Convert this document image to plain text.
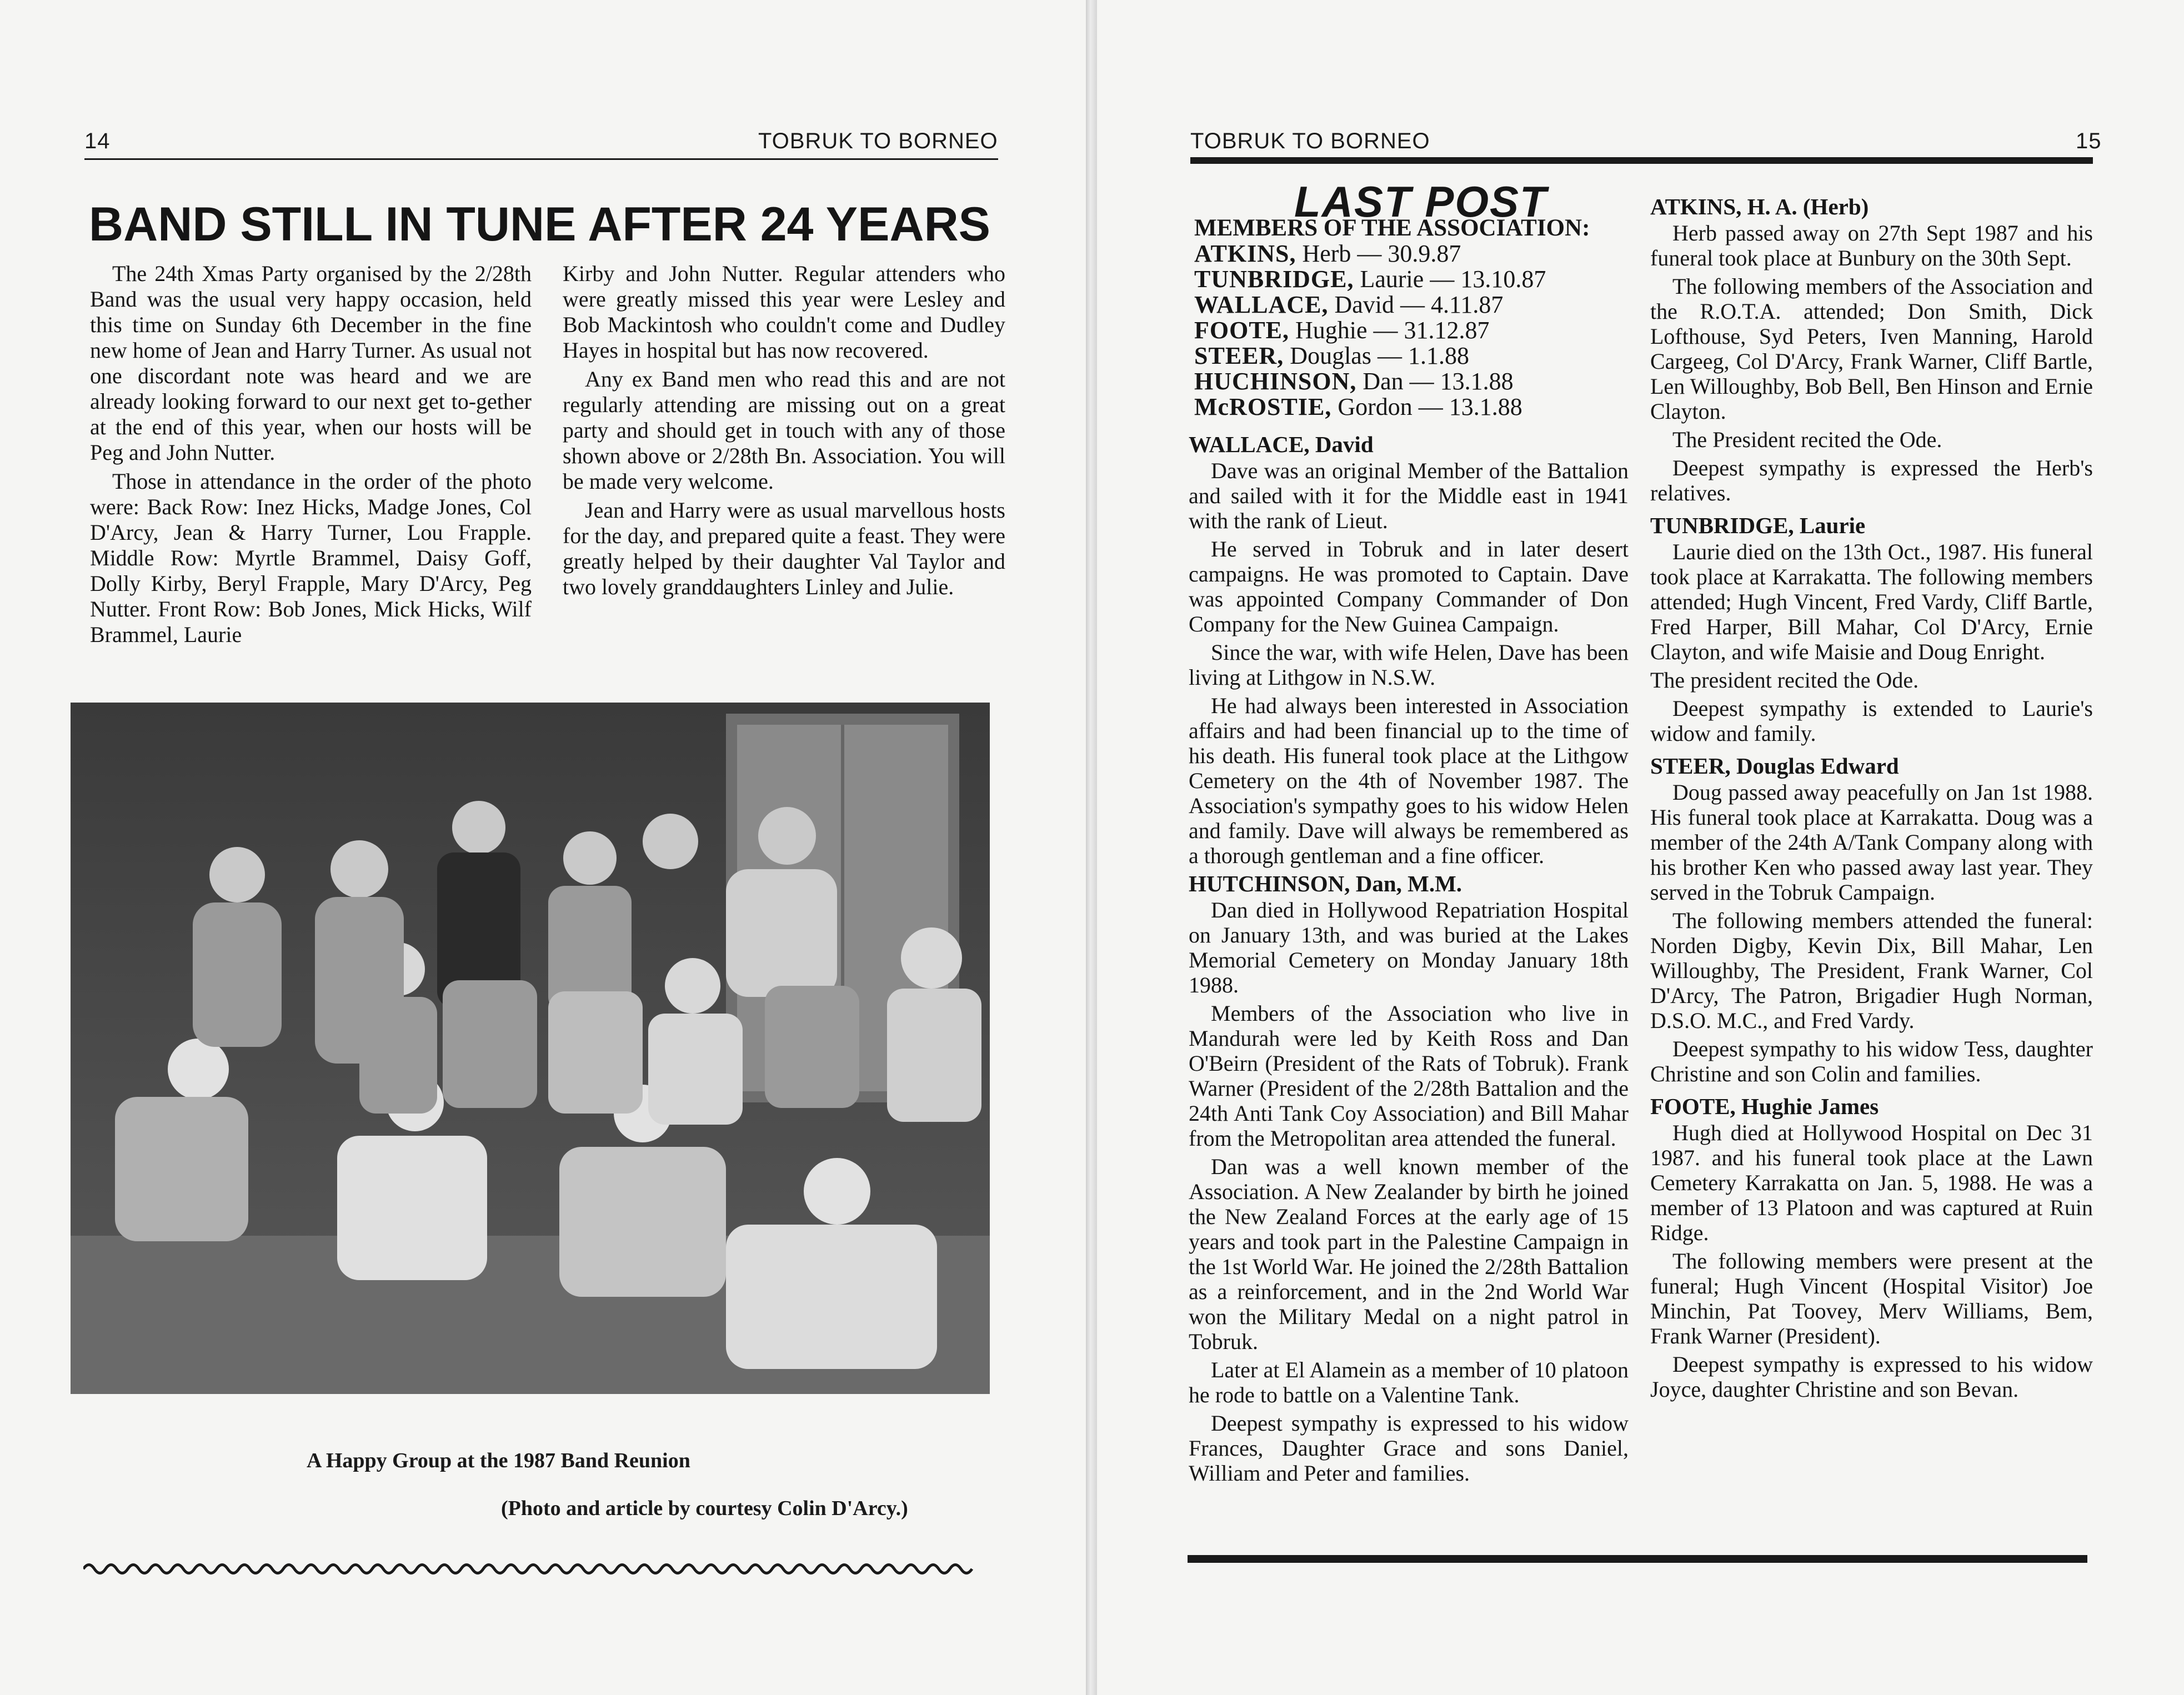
14	TOBRUK TO BORNEO
BAND STILL IN TUNE AFTER 24 YEARS

The 24th Xmas Party organised by the 2/28th Band was the usual very happy occasion, held this time on Sunday 6th December in the fine new home of Jean and Harry Turner. As usual not one discordant note was heard and we are already looking forward to our next get to-gether at the end of this year, when our hosts will be Peg and John Nutter.

Those in attendance in the order of the photo were: Back Row: Inez Hicks, Madge Jones, Col D'Arcy, Jean & Harry Turner, Lou Frapple. Middle Row: Myrtle Brammel, Daisy Goff, Dolly Kirby, Beryl Frapple, Mary D'Arcy, Peg Nutter. Front Row: Bob Jones, Mick Hicks, Wilf Brammel, Laurie

Kirby and John Nutter. Regular attenders who were greatly missed this year were Lesley and Bob Mackintosh who couldn't come and Dudley Hayes in hospital but has now recovered.

Any ex Band men who read this and are not regularly attending are missing out on a great party and should get in touch with any of those shown above or 2/28th Bn. Association. You will be made very welcome.

Jean and Harry were as usual marvellous hosts for the day, and prepared quite a feast. They were greatly helped by their daughter Val Taylor and two lovely granddaughters Linley and Julie.

A Happy Group at the 1987 Band Reunion
(Photo and article by courtesy Colin D'Arcy.)
TOBRUK TO BORNEO	15
LAST POST
MEMBERS OF THE ASSOCIATION:
ATKINS, Herb — 30.9.87
TUNBRIDGE, Laurie — 13.10.87
WALLACE, David — 4.11.87
FOOTE, Hughie — 31.12.87
STEER, Douglas — 1.1.88
HUCHINSON, Dan — 13.1.88
McROSTIE, Gordon — 13.1.88
WALLACE, David

Dave was an original Member of the Battalion and sailed with it for the Middle east in 1941 with the rank of Lieut.

He served in Tobruk and in later desert campaigns. He was promoted to Captain. Dave was appointed Company Commander of Don Company for the New Guinea Campaign.

Since the war, with wife Helen, Dave has been living at Lithgow in N.S.W.

He had always been interested in Association affairs and had been financial up to the time of his death. His funeral took place at the Lithgow Cemetery on the 4th of November 1987. The Association's sympathy goes to his widow Helen and family. Dave will always be remembered as a thorough gentleman and a fine officer.

HUTCHINSON, Dan, M.M.

Dan died in Hollywood Repatriation Hospital on January 13th, and was buried at the Lakes Memorial Cemetery on Monday January 18th 1988.

Members of the Association who live in Mandurah were led by Keith Ross and Dan O'Beirn (President of the Rats of Tobruk). Frank Warner (President of the 2/28th Battalion and the 24th Anti Tank Coy Association) and Bill Mahar from the Metropolitan area attended the funeral.

Dan was a well known member of the Association. A New Zealander by birth he joined the New Zealand Forces at the early age of 15 years and took part in the Palestine Campaign in the 1st World War. He joined the 2/28th Battalion as a reinforcement, and in the 2nd World War won the Military Medal on a night patrol in Tobruk.

Later at El Alamein as a member of 10 platoon he rode to battle on a Valentine Tank.

Deepest sympathy is expressed to his widow Frances, Daughter Grace and sons Daniel, William and Peter and families.

ATKINS, H. A. (Herb)

Herb passed away on 27th Sept 1987 and his funeral took place at Bunbury on the 30th Sept.

The following members of the Association and the R.O.T.A. attended; Don Smith, Dick Lofthouse, Syd Peters, Iven Manning, Harold Cargeeg, Col D'Arcy, Frank Warner, Cliff Bartle, Len Willoughby, Bob Bell, Ben Hinson and Ernie Clayton.

The President recited the Ode.

Deepest sympathy is expressed the Herb's relatives.

TUNBRIDGE, Laurie

Laurie died on the 13th Oct., 1987. His funeral took place at Karrakatta. The following members attended; Hugh Vincent, Fred Vardy, Cliff Bartle, Fred Harper, Bill Mahar, Col D'Arcy, Ernie Clayton, and wife Maisie and Doug Enright.

The president recited the Ode.

Deepest sympathy is extended to Laurie's widow and family.

STEER, Douglas Edward

Doug passed away peacefully on Jan 1st 1988. His funeral took place at Karrakatta. Doug was a member of the 24th A/Tank Company along with his brother Ken who passed away last year. They served in the Tobruk Campaign.

The following members attended the funeral: Norden Digby, Kevin Dix, Bill Mahar, Len Willoughby, The President, Frank Warner, Col D'Arcy, The Patron, Brigadier Hugh Norman, D.S.O. M.C., and Fred Vardy.

Deepest sympathy to his widow Tess, daughter Christine and son Colin and families.

FOOTE, Hughie James

Hugh died at Hollywood Hospital on Dec 31 1987. and his funeral took place at the Lawn Cemetery Karrakatta on Jan. 5, 1988. He was a member of 13 Platoon and was captured at Ruin Ridge.

The following members were present at the funeral; Hugh Vincent (Hospital Visitor) Joe Minchin, Pat Toovey, Merv Williams, Bem, Frank Warner (President).

Deepest sympathy is expressed to his widow Joyce, daughter Christine and son Bevan.
